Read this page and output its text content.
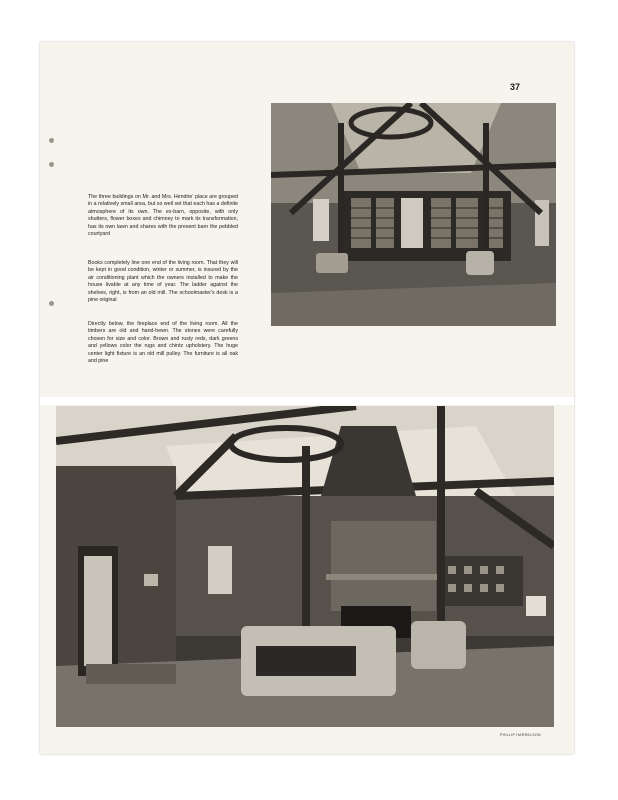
37
The three buildings on Mr. and Mrs. Hendrie' place are grouped in a relatively small area, but so well set that each has a definite atmosphere of its own. The ex-barn, opposite, with only shutters, flower boxes and chimney to mark its transformation, has its own lawn and shares with the present barn the pebbled courtyard
Books completely line one end of the living room. That they will be kept in good condition, winter or summer, is insured by the air conditioning plant which the owners installed to make the house livable at any time of year. The ladder against the shelves, right, is from an old mill. The schoolmaster's desk is a pine original
Directly below, the fireplace end of the living room. All the timbers are old and hand-hewn. The stones were carefully chosen for size and color. Brown and rusty reds, dark greens and yellows color the rugs and chintz upholstery. The huge center light fixture is an old mill pulley. The furniture is all oak and pine
PHILLIP HARRELSON
